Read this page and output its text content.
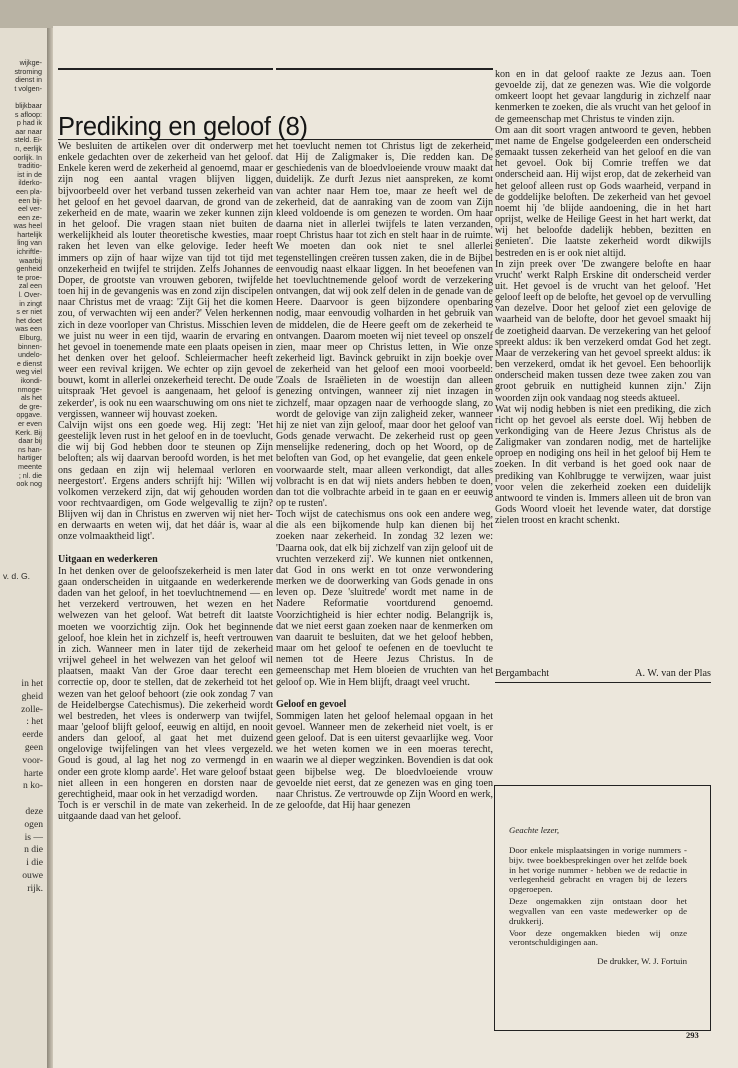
wijkge-
stroming
dienst in
t volgen-

blijkbaar
s afloop:
p had ik
aar naar
steld. Ei-
n, eerlijk
oorlijk. In
traditio-
ist in de
ilderko-
een pla-
een bij-
eel ver-
een ze-
was heel
hartelijk
ling van
ichriftle-
waarbij
genheid
te proe-
zal een
l. Over-
in zingt
s er niet
het doet
was een
Elburg,
binnen-
undelo-
e dienst
weg viel
ikondi-
nmoge-
als het
de gre-
opgave.
er even
Kerk. Bij
daar bij
ns han-
hartiger
meente
; nl. die
ook nog
v. d. G.
in het
gheid
zolle-
: het
eerde
geen
voor-
harte
n ko-

deze
ogen
is —
n die
i die
ouwe
rijk.
Prediking en geloof (8)

We besluiten de artikelen over dit onderwerp met enkele gedachten over de zekerheid van het geloof. Enkele keren werd de zekerheid al genoemd, maar er zijn nog een aantal vragen blijven liggen, bijvoorbeeld over het verband tussen zekerheid van het geloof en het gevoel daarvan, de grond van de zekerheid en de mate, waarin we zeker kunnen zijn in het geloof. Die vragen staan niet buiten de werkelijkheid als louter theoretische kwesties, maar raken het leven van elke gelovige. Ieder heeft immers op zijn of haar wijze van tijd tot tijd met onzekerheid en twijfel te strijden. Zelfs Johannes de Doper, de grootste van vrouwen geboren, twijfelde toen hij in de gevangenis was en zond zijn discipelen naar Christus met de vraag: 'Zijt Gij het die komen zou, of verwachten wij een ander?' Velen herkennen zich in deze voorloper van Christus. Misschien leven we juist nu weer in een tijd, waarin de ervaring en het gevoel in toenemende mate een plaats opeisen in het denken over het geloof. Schleiermacher heeft weer een revival krijgen. We echter op zijn gevoel bouwt, komt in allerlei onzekerheid terecht. De oude uitspraak 'Het gevoel is aangenaam, het geloof is zekerder', is ook nu een waarschuwing om ons niet te vergissen, wanneer wij houvast zoeken.

Calvijn wijst ons een goede weg. Hij zegt: 'Het geestelijk leven rust in het geloof en in de toevlucht, die wij bij God hebben door te steunen op Zijn beloften; als wij daarvan beroofd worden, is het met ons gedaan en zijn wij helemaal verloren en neergestort'. Ergens anders schrijft hij: 'Willen wij volkomen verzekerd zijn, dat wij gehouden worden voor rechtvaardigen, om Gode welgevallig te zijn? Blijven wij dan in Christus en zwerven wij niet her- en derwaarts en weten wij, dat het dáár is, waar al onze volmaaktheid ligt'.

Uitgaan en wederkeren

In het denken over de geloofszekerheid is men later gaan onderscheiden in uitgaande en wederkerende daden van het geloof, in het toevluchtnemend — en het verzekerd vertrouwen, het wezen en het welwezen van het geloof. Wat betreft dit laatste moeten we voorzichtig zijn. Ook het beginnende geloof, hoe klein het in zichzelf is, heeft vertrouwen in zich. Wanneer men in later tijd de zekerheid vrijwel geheel in het welwezen van het geloof wil plaatsen, maakt Van der Groe daar terecht een correctie op, door te stellen, dat de zekerheid tot het wezen van het geloof behoort (zie ook zondag 7 van de Heidelbergse Catechismus). Die zekerheid wordt wel bestreden, het vlees is onderwerp van twijfel, maar 'geloof blijft geloof, eeuwig en altijd, en nooit anders dan geloof, al gaat het met duizend ongelovige twijfelingen van het vlees vergezeld. Goud is goud, al lag het nog zo vermengd in en onder een grote klomp aarde'. Het ware geloof bstaat niet alleen in een hongeren en dorsten naar de gerechtigheid, maar ook in het verzadigd worden.

Toch is er verschil in de mate van zekerheid. In de uitgaande daad van het geloof.

het toevlucht nemen tot Christus ligt de zekerheid, dat Hij de Zaligmaker is, Die redden kan. De geschiedenis van de bloedvloeiende vrouw maakt dat duidelijk. Ze durft Jezus niet aanspreken, ze komt van achter naar Hem toe, maar ze heeft wel de zekerheid, dat de aanraking van de zoom van Zijn kleed voldoende is om genezen te worden. Om haar daarna niet in allerlei twijfels te laten verzanden, roept Christus haar tot zich en stelt haar in de ruimte. We moeten dan ook niet te snel allerlei tegenstellingen creëren tussen zaken, die in de Bijbel eenvoudig naast elkaar liggen. In het beoefenen van het toevluchtnemende geloof wordt de verzekering ontvangen, dat wij ook zelf delen in de genade van de Heere. Daarvoor is geen bijzondere openbaring nodig, maar eenvoudig volharden in het gebruik van de middelen, die de Heere geeft om de zekerheid te ontvangen. Daarom moeten wij niet teveel op onszelf zien, maar meer op Christus letten, in Wie onze zekerheid ligt. Bavinck gebruikt in zijn boekje over de zekerheid van het geloof een mooi voorbeeld: 'Zoals de Israëlieten in de woestijn dan alleen genezing ontvingen, wanneer zij niet inzagen in zichzelf, maar opzagen naar de verhoogde slang, zo wordt de gelovige van zijn zaligheid zeker, wanneer hij ze niet van zijn geloof, maar door het geloof van Gods genade verwacht. De zekerheid rust op geen menselijke redenering, doch op het Woord, op de beloften van God, op het evangelie, dat geen enkele voorwaarde stelt, maar alleen verkondigt, dat alles volbracht is en dat wij niets anders hebben te doen, dan tot die volbrachte arbeid in te gaan en er eeuwig op te rusten'.

Toch wijst de catechismus ons ook een andere weg, die als een bijkomende hulp kan dienen bij het zoeken naar zekerheid. In zondag 32 lezen we: 'Daarna ook, dat elk bij zichzelf van zijn geloof uit de vruchten verzekerd zij'. We kunnen niet ontkennen, dat God in ons werkt en tot onze verwondering merken we de doorwerking van Gods genade in ons leven op. Deze 'sluitrede' wordt met name in de Nadere Reformatie voortdurend genoemd. Voorzichtigheid is hier echter nodig. Belangrijk is, dat we niet eerst gaan zoeken naar de kenmerken om van daaruit te besluiten, dat we het geloof hebben, maar om het geloof te oefenen en de toevlucht te nemen tot de Heere Jezus Christus. In de gemeenschap met Hem bloeien de vruchten van het geloof op. Wie in Hem blijft, draagt veel vrucht.

Geloof en gevoel

Sommigen laten het geloof helemaal opgaan in het gevoel. Wanneer men de zekerheid niet voelt, is er geen geloof. Dat is een uiterst gevaarlijke weg. Voor we het weten komen we in een moeras terecht, waarin we al dieper wegzinken. Bovendien is dat ook geen bijbelse weg. De bloedvloeiende vrouw gevoelde niet eerst, dat ze genezen was en ging toen naar Christus. Ze vertrouwde op Zijn Woord en werk, ze geloofde, dat Hij haar genezen

kon en in dat geloof raakte ze Jezus aan. Toen gevoelde zij, dat ze genezen was. Wie die volgorde omkeert loopt het gevaar langdurig in zichzelf naar kenmerken te zoeken, die als vrucht van het geloof in de gemeenschap met Christus te vinden zijn.

Om aan dit soort vragen antwoord te geven, hebben met name de Engelse godgeleerden een onderscheid gemaakt tussen zekerheid van het geloof en die van het gevoel. Ook bij Comrie treffen we dat onderscheid aan. Hij wijst erop, dat de zekerheid van het geloof alleen rust op Gods waarheid, verpand in de goddelijke beloften. De zekerheid van het gevoel noemt hij 'de blijde aandoening, die in het hart oprijst, welke de Heilige Geest in het hart werkt, dat wij het beloofde dadelijk hebben, bezitten en genieten'. Die laatste zekerheid wordt dikwijls bestreden en is er ook niet altijd.

In zijn preek over 'De zwangere belofte en haar vrucht' werkt Ralph Erskine dit onderscheid verder uit. Het gevoel is de vrucht van het geloof. 'Het geloof leeft op de belofte, het gevoel op de vervulling van dezelve. Door het geloof ziet een gelovige de waarheid van de belofte, door het gevoel smaakt hij de zoetigheid daarvan. De verzekering van het geloof spreekt aldus: ik ben verzekerd omdat God het zegt. Maar de verzekering van het gevoel spreekt aldus: ik ben verzekerd, omdat ik het gevoel. Een behoorlijk onderscheid maken tussen deze twee zaken zou van groot gebruik en nuttigheid kunnen zijn.' Zijn woorden zijn ook vandaag nog steeds aktueel.

Wat wij nodig hebben is niet een prediking, die zich richt op het gevoel als eerste doel. Wij hebben de verkondiging van de Heere Jezus Christus als de Zaligmaker van zondaren nodig, met de hartelijke oproep en nodiging ons heil in het geloof bij Hem te zoeken. In dit verband is het goed ook naar de prediking van Kohlbrugge te verwijzen, waar juist voor velen die zekerheid zoeken een duidelijk antwoord te vinden is. Immers alleen uit de bron van Gods Woord vloeit het levende water, dat dorstige zielen troost en kracht schenkt.

Bergambacht	A. W. van der Plas

Geachte lezer,

Door enkele misplaatsingen in vorige nummers - bijv. twee boekbesprekingen over het zelfde boek in het vorige nummer - hebben we de redactie in verlegenheid gebracht en vragen bij de lezers opgeroepen.

Deze ongemakken zijn ontstaan door het wegvallen van een vaste medewerker op de drukkerij.

Voor deze ongemakken bieden wij onze verontschuldigingen aan.

De drukker, W. J. Fortuin

293
